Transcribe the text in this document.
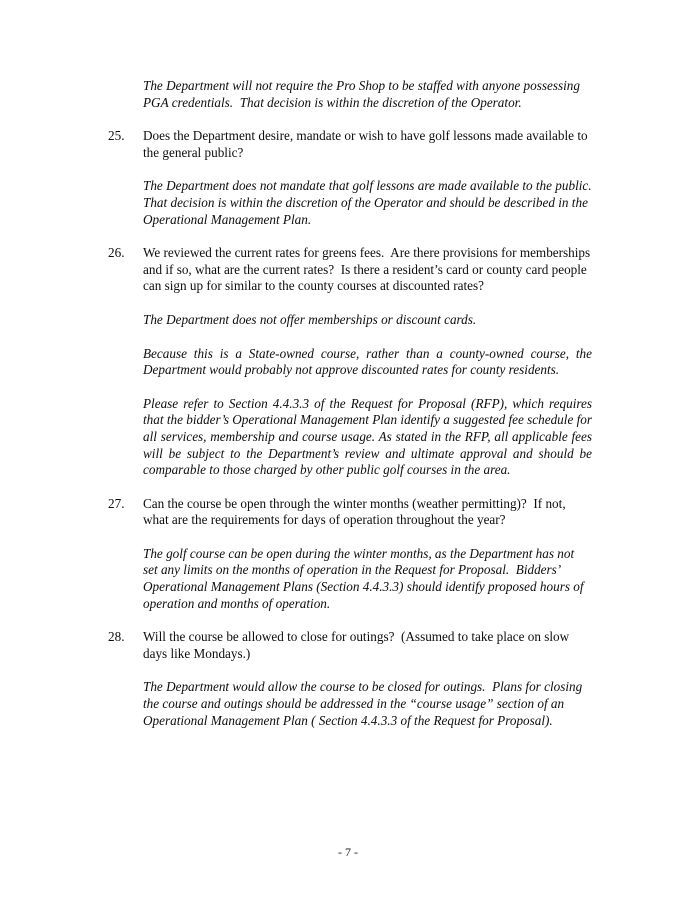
The Department will not require the Pro Shop to be staffed with anyone possessing PGA credentials.  That decision is within the discretion of the Operator.
25.	Does the Department desire, mandate or wish to have golf lessons made available to the general public?
The Department does not mandate that golf lessons are made available to the public.  That decision is within the discretion of the Operator and should be described in the Operational Management Plan.
26.	We reviewed the current rates for greens fees.  Are there provisions for memberships and if so, what are the current rates?  Is there a resident’s card or county card people can sign up for similar to the county courses at discounted rates?
The Department does not offer memberships or discount cards.
Because this is a State-owned course, rather than a county-owned course, the Department would probably not approve discounted rates for county residents.
Please refer to Section 4.4.3.3 of the Request for Proposal (RFP), which requires that the bidder’s Operational Management Plan identify a suggested fee schedule for all services, membership and course usage. As stated in the RFP, all applicable fees will be subject to the Department’s review and ultimate approval and should be comparable to those charged by other public golf courses in the area.
27.	Can the course be open through the winter months (weather permitting)?  If not, what are the requirements for days of operation throughout the year?
The golf course can be open during the winter months, as the Department has not set any limits on the months of operation in the Request for Proposal.  Bidders’ Operational Management Plans (Section 4.4.3.3) should identify proposed hours of operation and months of operation.
28.	Will the course be allowed to close for outings?  (Assumed to take place on slow days like Mondays.)
The Department would allow the course to be closed for outings.  Plans for closing the course and outings should be addressed in the “course usage” section of an Operational Management Plan ( Section 4.4.3.3 of the Request for Proposal).
- 7 -
